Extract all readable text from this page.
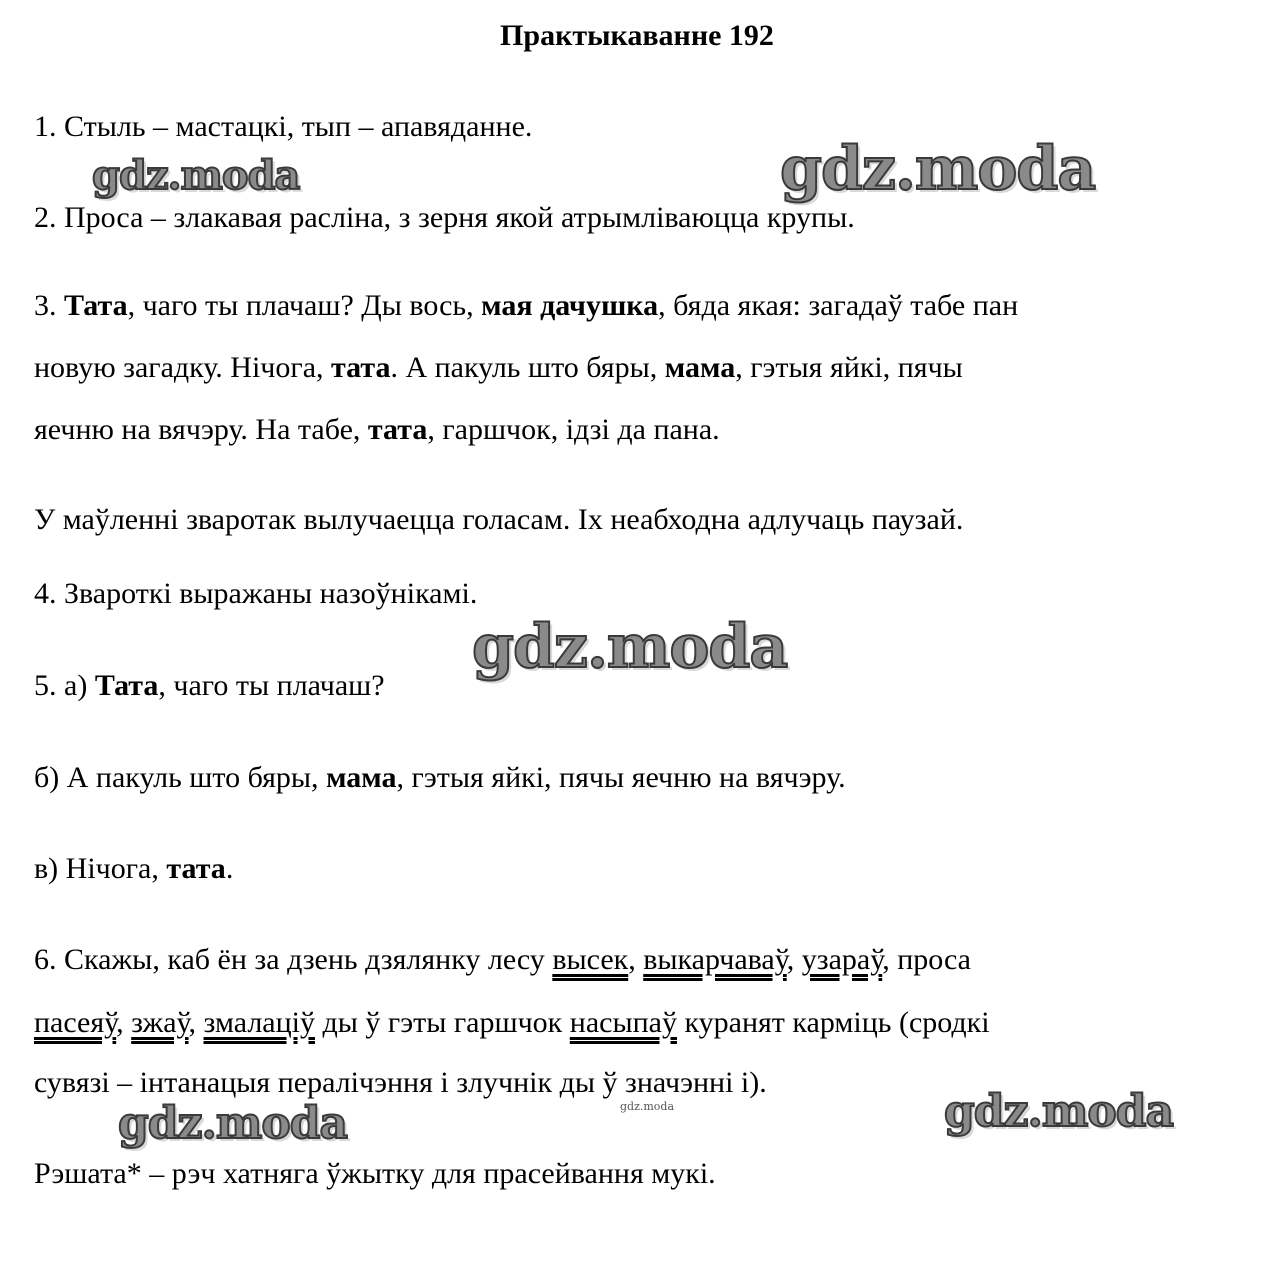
Практыкаванне 192
1. Стыль – мастацкі, тып – апавяданне.
2. Проса – злакавая расліна, з зерня якой атрымліваюцца крупы.
3. Тата, чаго ты плачаш? Ды вось, мая дачушка, бяда якая: загадаў табе пан
новую загадку. Нічога, тата. А пакуль што бяры, мама, гэтыя яйкі, пячы
яечню на вячэру. На табе, тата, гаршчок, ідзі да пана.
У маўленні зваротак вылучаецца голасам. Іх неабходна адлучаць паузай.
4. Звароткі выражаны назоўнікамі.
5. а) Тата, чаго ты плачаш?
б) А пакуль што бяры, мама, гэтыя яйкі, пячы яечню на вячэру.
в) Нічога, тата.
6. Скажы, каб ён за дзень дзялянку лесу высек, выкарчаваў, узараў, проса
пасеяў, зжаў, змалаціў ды ў гэты гаршчок насыпаў куранят карміць (сродкі
сувязі – інтанацыя пералічэння і злучнік ды ў значэнні і).
Рэшата* – рэч хатняга ўжытку для прасейвання мукі.
gdz.moda	gdz.moda
gdz.moda
gdz.moda	gdz.moda
gdz.moda
